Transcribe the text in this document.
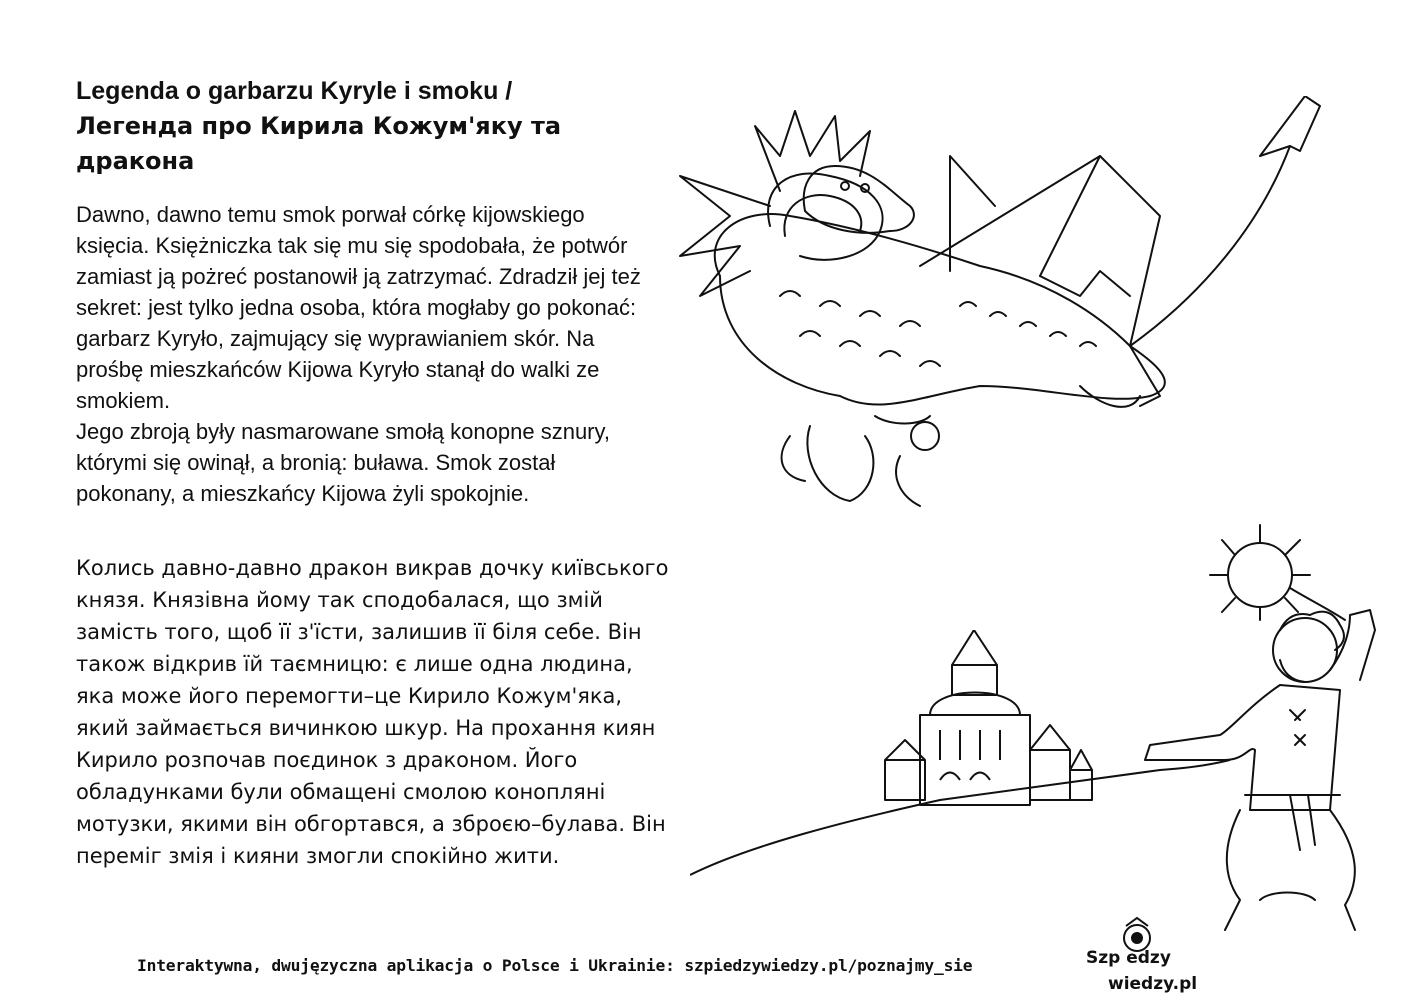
Legenda o garbarzu Kyryle i smoku /
Легенда про Кирила Кожум'яку та дракона
Dawno, dawno temu smok porwał córkę kijowskiego księcia. Księżniczka tak się mu się spodobała, że potwór zamiast ją pożreć postanowił ją zatrzymać. Zdradził jej też sekret: jest tylko jedna osoba, która mogłaby go pokonać: garbarz Kyryło, zajmujący się wyprawianiem skór. Na prośbę mieszkańców Kijowa Kyryło stanął do walki ze smokiem.
Jego zbroją były nasmarowane smołą konopne sznury, którymi się owinął, a bronią: buława. Smok został pokonany, a mieszkańcy Kijowa żyli spokojnie.

Колись давно-давно дракон викрав дочку київського князя. Князівна йому так сподобалася, що змій замість того, щоб її з'їсти, залишив її біля себе. Він також відкрив їй таємницю: є лише одна людина, яка може його перемогти–це Кирило Кожум'яка, який займається вичинкою шкур. На прохання киян Кирило розпочав поєдинок з драконом. Його обладунками були обмащені смолою конопляні мотузки, якими він обгортався, а зброєю–булава. Він переміг змія і кияни змогли спокійно жити.

Interaktywna, dwujęzyczna aplikacja o Polsce i Ukrainie: szpiedzywiedzy.pl/poznajmy_sie	Szp edzy
wiedzy.pl
